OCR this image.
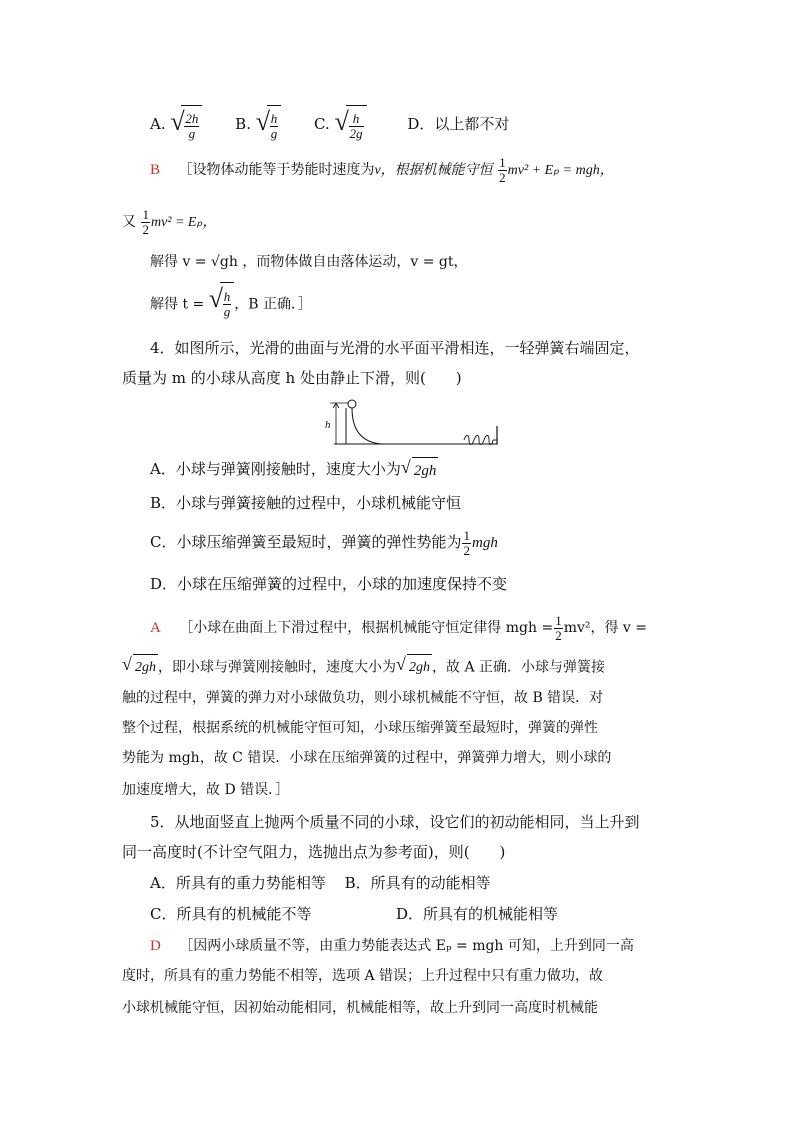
A. √ $\frac{2h}{g} B$. √ $\frac{h}{g} C$. √ $\frac{h}{2g}$	D．以上都不对
B ［设物体动能等于势能时速度为v，根据机械能守恒 $\frac{1}{2} mv^2 + E_p$ = mgh，
又 $\frac{1}{2} mv^2 = E_p$，
解得 v = √gh ，而物体做自由落体运动，v = gt，
解得 t = √ $\frac{h}{g}$ ，B 正确．］
4．如图所示，光滑的曲面与光滑的水平面平滑相连，一轻弹簧右端固定，
质量为 m 的小球从高度 h 处由静止下滑，则(　　)
h
A．小球与弹簧刚接触时，速度大小为 √ 2gh
B．小球与弹簧接触的过程中，小球机械能守恒
C．小球压缩弹簧至最短时，弹簧的弹性势能为 $\frac{1}{2}$ mgh
D．小球在压缩弹簧的过程中，小球的加速度保持不变
A ［小球在曲面上下滑过程中，根据机械能守恒定律得 mgh = $\frac{1}{2} mv^2$，得 v =
√ 2gh ，即小球与弹簧刚接触时，速度大小为 √ 2gh ，故 A 正确．小球与弹簧接
触的过程中，弹簧的弹力对小球做负功，则小球机械能不守恒，故 B 错误．对
整个过程，根据系统的机械能守恒可知，小球压缩弹簧至最短时，弹簧的弹性
势能为 mgh，故 C 错误．小球在压缩弹簧的过程中，弹簧弹力增大，则小球的
加速度增大，故 D 错误．］
5．从地面竖直上抛两个质量不同的小球，设它们的初动能相同，当上升到
同一高度时(不计空气阻力，选抛出点为参考面)，则(　　)
A．所具有的重力势能相等 B．所具有的动能相等
C．所具有的机械能不等	D．所具有的机械能相等
D ［因两小球质量不等，由重力势能表达式 Eₚ = mgh 可知，上升到同一高
度时，所具有的重力势能不相等，选项 A 错误；上升过程中只有重力做功，故
小球机械能守恒，因初始动能相同，机械能相等，故上升到同一高度时机械能
